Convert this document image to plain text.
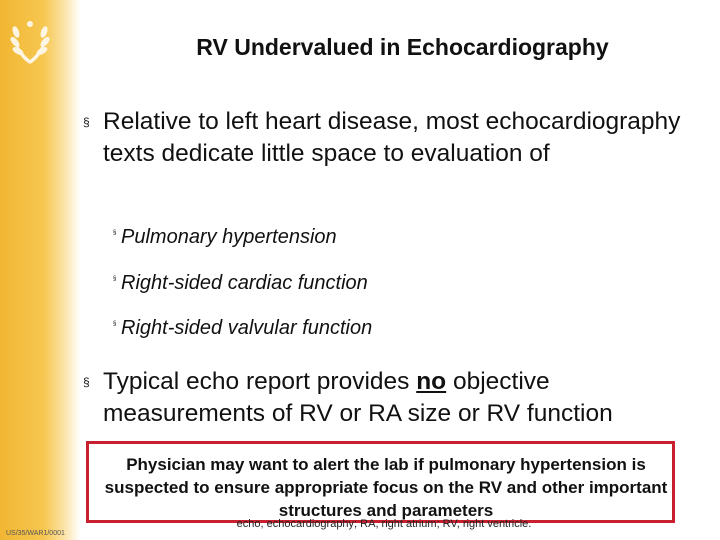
RV Undervalued in Echocardiography
§ Relative to left heart disease, most echocardiography texts dedicate little space to evaluation of
§ Pulmonary hypertension
§ Right-sided cardiac function
§ Right-sided valvular function
§ Typical echo report provides no objective measurements of RV or RA size or RV function
Physician may want to alert the lab if pulmonary hypertension is suspected to ensure appropriate focus on the RV and other important structures and parameters
echo, echocardiography; RA, right atrium; RV, right ventricle.
US/35/WAR1/0001
